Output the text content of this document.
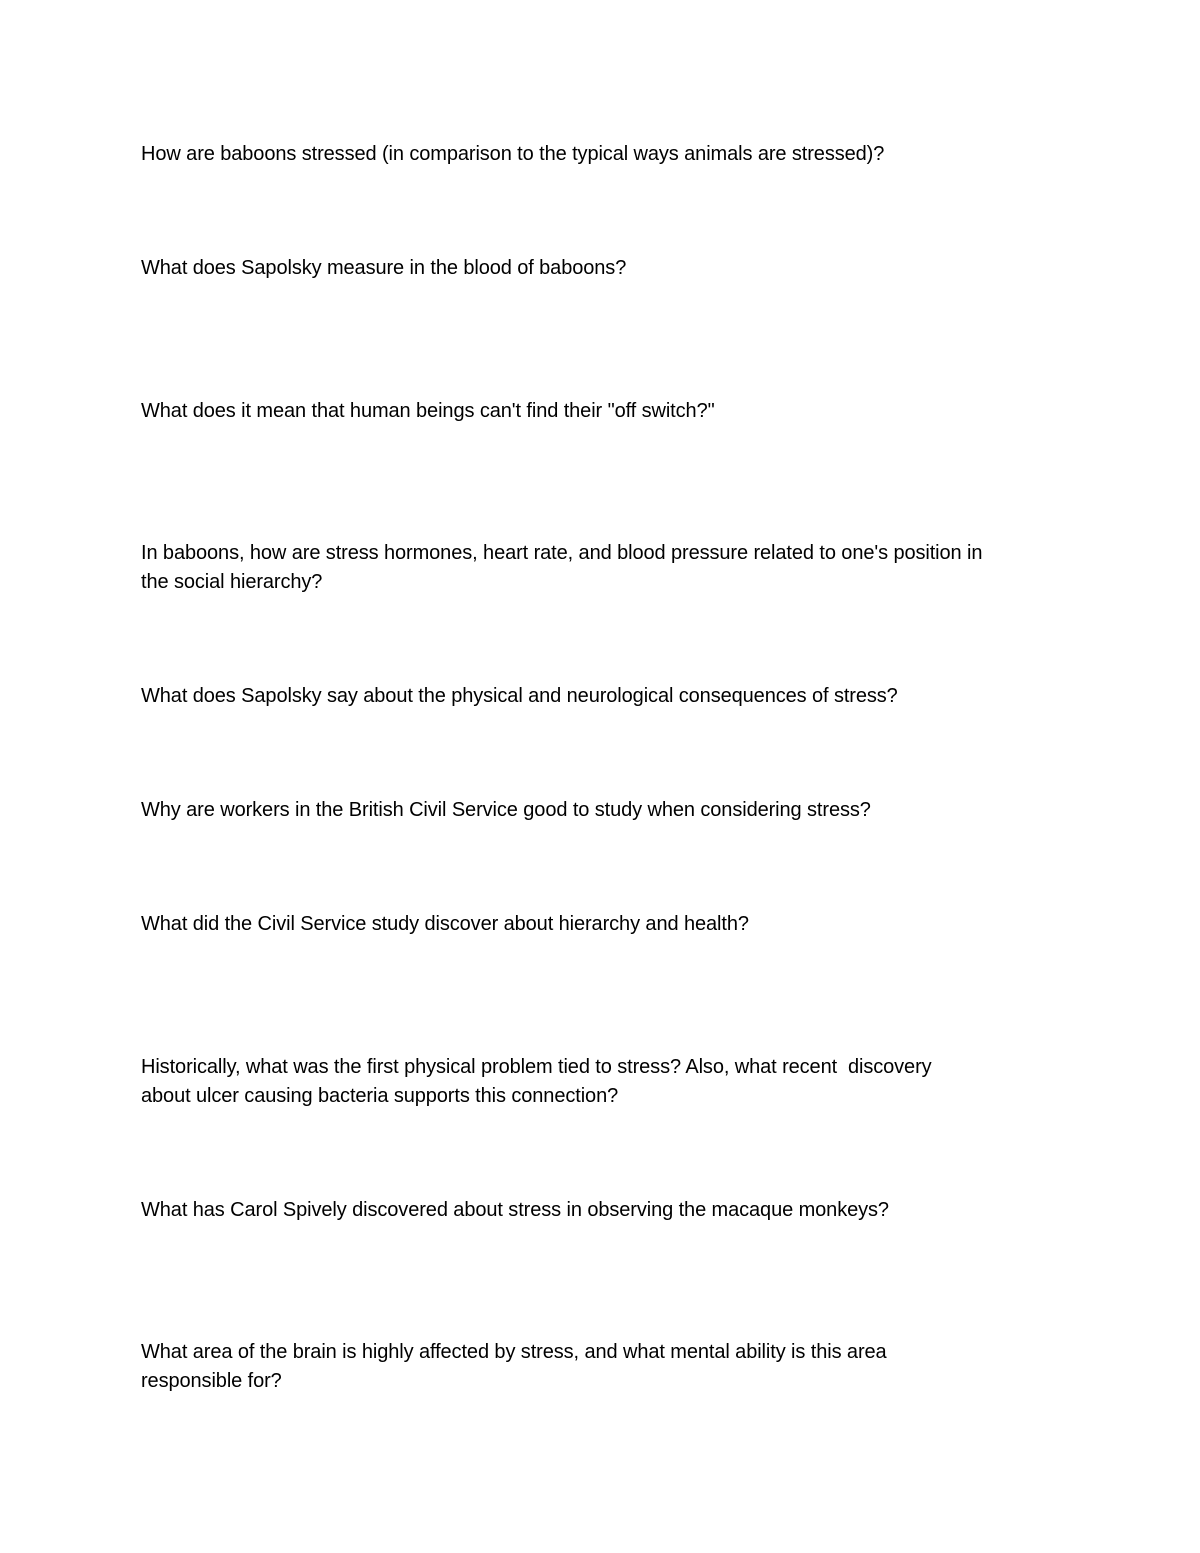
How are baboons stressed (in comparison to the typical ways animals are stressed)?

What does Sapolsky measure in the blood of baboons?

What does it mean that human beings can't find their "off switch?"

In baboons, how are stress hormones, heart rate, and blood pressure related to one's position in
the social hierarchy?

What does Sapolsky say about the physical and neurological consequences of stress?

Why are workers in the British Civil Service good to study when considering stress?

What did the Civil Service study discover about hierarchy and health?

Historically, what was the first physical problem tied to stress? Also, what recent  discovery
about ulcer causing bacteria supports this connection?

What has Carol Spively discovered about stress in observing the macaque monkeys?

What area of the brain is highly affected by stress, and what mental ability is this area
responsible for?
